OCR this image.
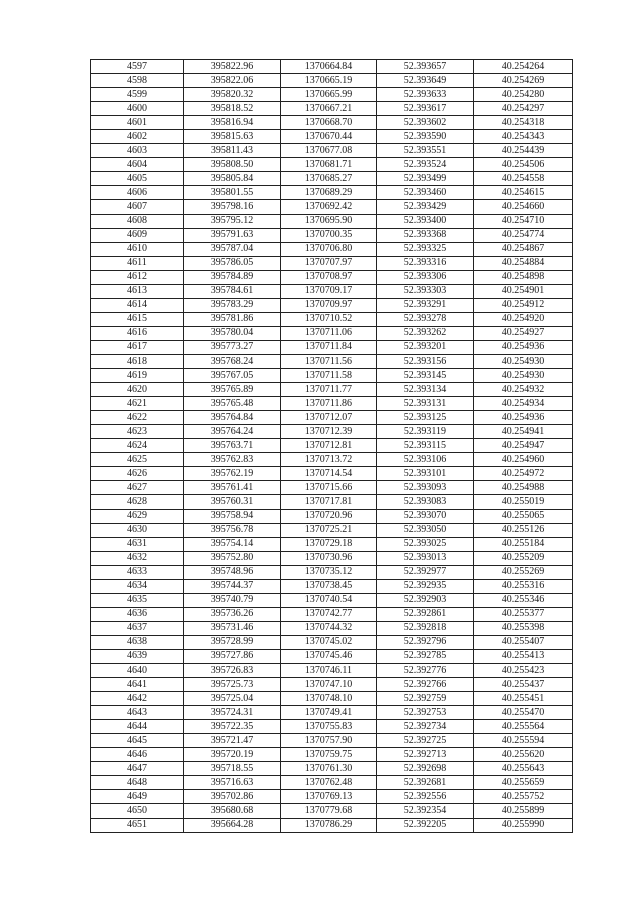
4597	395822.96	1370664.84	52.393657	40.254264
4598	395822.06	1370665.19	52.393649	40.254269
4599	395820.32	1370665.99	52.393633	40.254280
4600	395818.52	1370667.21	52.393617	40.254297
4601	395816.94	1370668.70	52.393602	40.254318
4602	395815.63	1370670.44	52.393590	40.254343
4603	395811.43	1370677.08	52.393551	40.254439
4604	395808.50	1370681.71	52.393524	40.254506
4605	395805.84	1370685.27	52.393499	40.254558
4606	395801.55	1370689.29	52.393460	40.254615
4607	395798.16	1370692.42	52.393429	40.254660
4608	395795.12	1370695.90	52.393400	40.254710
4609	395791.63	1370700.35	52.393368	40.254774
4610	395787.04	1370706.80	52.393325	40.254867
4611	395786.05	1370707.97	52.393316	40.254884
4612	395784.89	1370708.97	52.393306	40.254898
4613	395784.61	1370709.17	52.393303	40.254901
4614	395783.29	1370709.97	52.393291	40.254912
4615	395781.86	1370710.52	52.393278	40.254920
4616	395780.04	1370711.06	52.393262	40.254927
4617	395773.27	1370711.84	52.393201	40.254936
4618	395768.24	1370711.56	52.393156	40.254930
4619	395767.05	1370711.58	52.393145	40.254930
4620	395765.89	1370711.77	52.393134	40.254932
4621	395765.48	1370711.86	52.393131	40.254934
4622	395764.84	1370712.07	52.393125	40.254936
4623	395764.24	1370712.39	52.393119	40.254941
4624	395763.71	1370712.81	52.393115	40.254947
4625	395762.83	1370713.72	52.393106	40.254960
4626	395762.19	1370714.54	52.393101	40.254972
4627	395761.41	1370715.66	52.393093	40.254988
4628	395760.31	1370717.81	52.393083	40.255019
4629	395758.94	1370720.96	52.393070	40.255065
4630	395756.78	1370725.21	52.393050	40.255126
4631	395754.14	1370729.18	52.393025	40.255184
4632	395752.80	1370730.96	52.393013	40.255209
4633	395748.96	1370735.12	52.392977	40.255269
4634	395744.37	1370738.45	52.392935	40.255316
4635	395740.79	1370740.54	52.392903	40.255346
4636	395736.26	1370742.77	52.392861	40.255377
4637	395731.46	1370744.32	52.392818	40.255398
4638	395728.99	1370745.02	52.392796	40.255407
4639	395727.86	1370745.46	52.392785	40.255413
4640	395726.83	1370746.11	52.392776	40.255423
4641	395725.73	1370747.10	52.392766	40.255437
4642	395725.04	1370748.10	52.392759	40.255451
4643	395724.31	1370749.41	52.392753	40.255470
4644	395722.35	1370755.83	52.392734	40.255564
4645	395721.47	1370757.90	52.392725	40.255594
4646	395720.19	1370759.75	52.392713	40.255620
4647	395718.55	1370761.30	52.392698	40.255643
4648	395716.63	1370762.48	52.392681	40.255659
4649	395702.86	1370769.13	52.392556	40.255752
4650	395680.68	1370779.68	52.392354	40.255899
4651	395664.28	1370786.29	52.392205	40.255990
